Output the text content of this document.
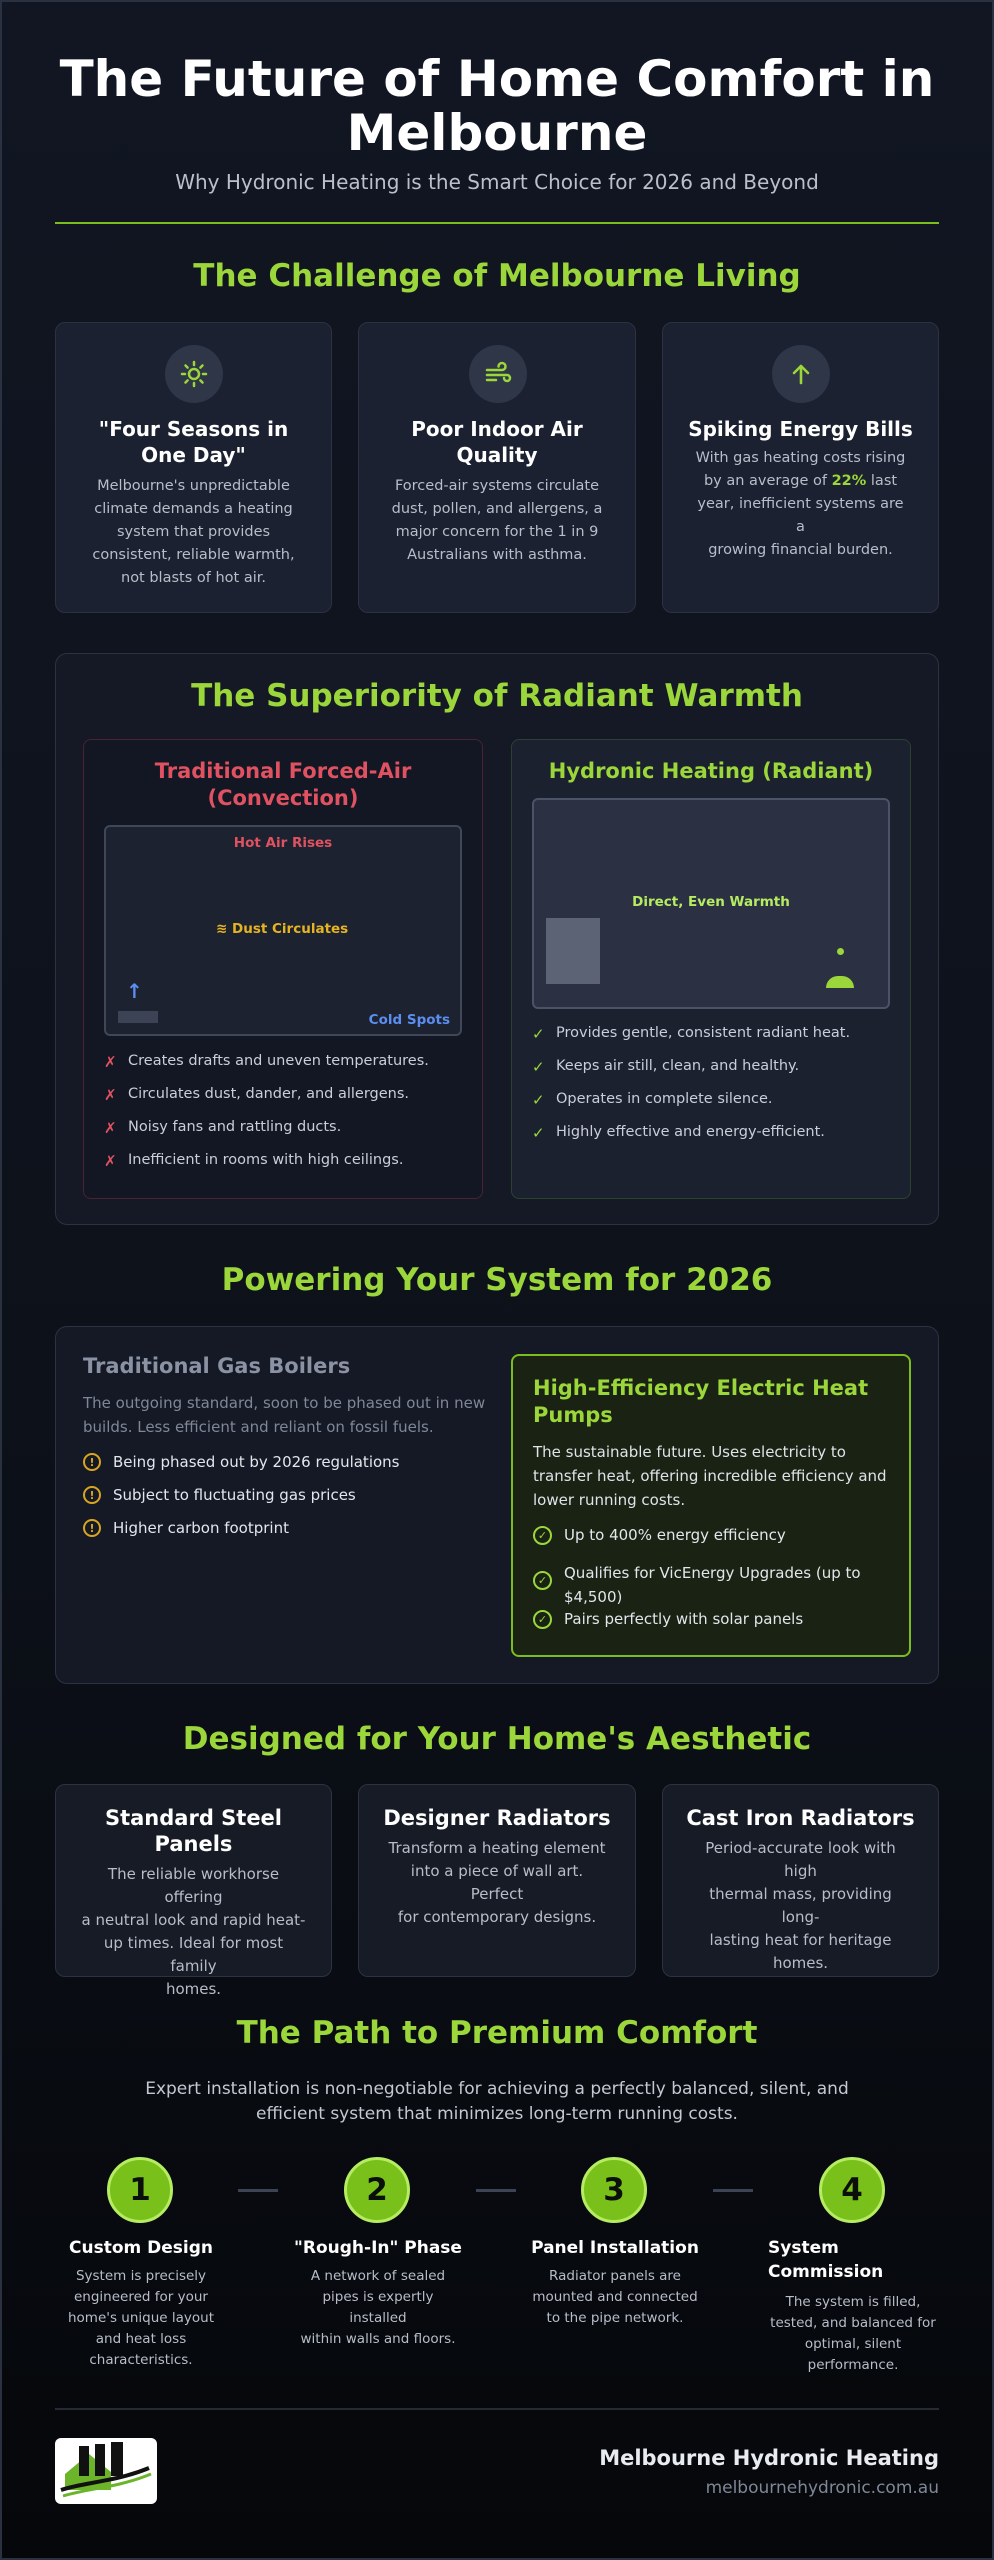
The Future of Home Comfort in
Melbourne
Why Hydronic Heating is the Smart Choice for 2026 and Beyond
The Challenge of Melbourne Living
"Four Seasons in
One Day"
Melbourne's unpredictable
climate demands a heating
system that provides
consistent, reliable warmth,
not blasts of hot air.
Poor Indoor Air
Quality
Forced-air systems circulate
dust, pollen, and allergens, a
major concern for the 1 in 9
Australians with asthma.
Spiking Energy Bills
With gas heating costs rising
by an average of 22% last
year, inefficient systems are a
growing financial burden.
The Superiority of Radiant Warmth
Traditional Forced-Air
(Convection)
Hot Air Rises
≋ Dust Circulates
↑
Cold Spots
✗ Creates drafts and uneven temperatures.
✗ Circulates dust, dander, and allergens.
✗ Noisy fans and rattling ducts.
✗ Inefficient in rooms with high ceilings.
Hydronic Heating (Radiant)
Direct, Even Warmth
✓ Provides gentle, consistent radiant heat.
✓ Keeps air still, clean, and healthy.
✓ Operates in complete silence.
✓ Highly effective and energy-efficient.
Powering Your System for 2026
Traditional Gas Boilers
The outgoing standard, soon to be phased out in new
builds. Less efficient and reliant on fossil fuels.
!	Being phased out by 2026 regulations
!	Subject to fluctuating gas prices
!	Higher carbon footprint
High-Efficiency Electric Heat
Pumps
The sustainable future. Uses electricity to
transfer heat, offering incredible efficiency and
lower running costs.
✓	Up to 400% energy efficiency
✓	Qualifies for VicEnergy Upgrades (up to
$4,500)
✓	Pairs perfectly with solar panels
Designed for Your Home's Aesthetic
Standard Steel
Panels
The reliable workhorse offering
a neutral look and rapid heat-
up times. Ideal for most family
homes.
Designer Radiators
Transform a heating element
into a piece of wall art. Perfect
for contemporary designs.
Cast Iron Radiators
Period-accurate look with high
thermal mass, providing long-
lasting heat for heritage
homes.
The Path to Premium Comfort
Expert installation is non-negotiable for achieving a perfectly balanced, silent, and
efficient system that minimizes long-term running costs.
1	2	3	4
Custom Design
System is precisely
engineered for your
home's unique layout
and heat loss
characteristics.
"Rough-In" Phase
A network of sealed
pipes is expertly installed
within walls and floors.
Panel Installation
Radiator panels are
mounted and connected
to the pipe network.
System
Commission
The system is filled,
tested, and balanced for
optimal, silent
performance.
Melbourne Hydronic Heating
melbournehydronic.com.au
